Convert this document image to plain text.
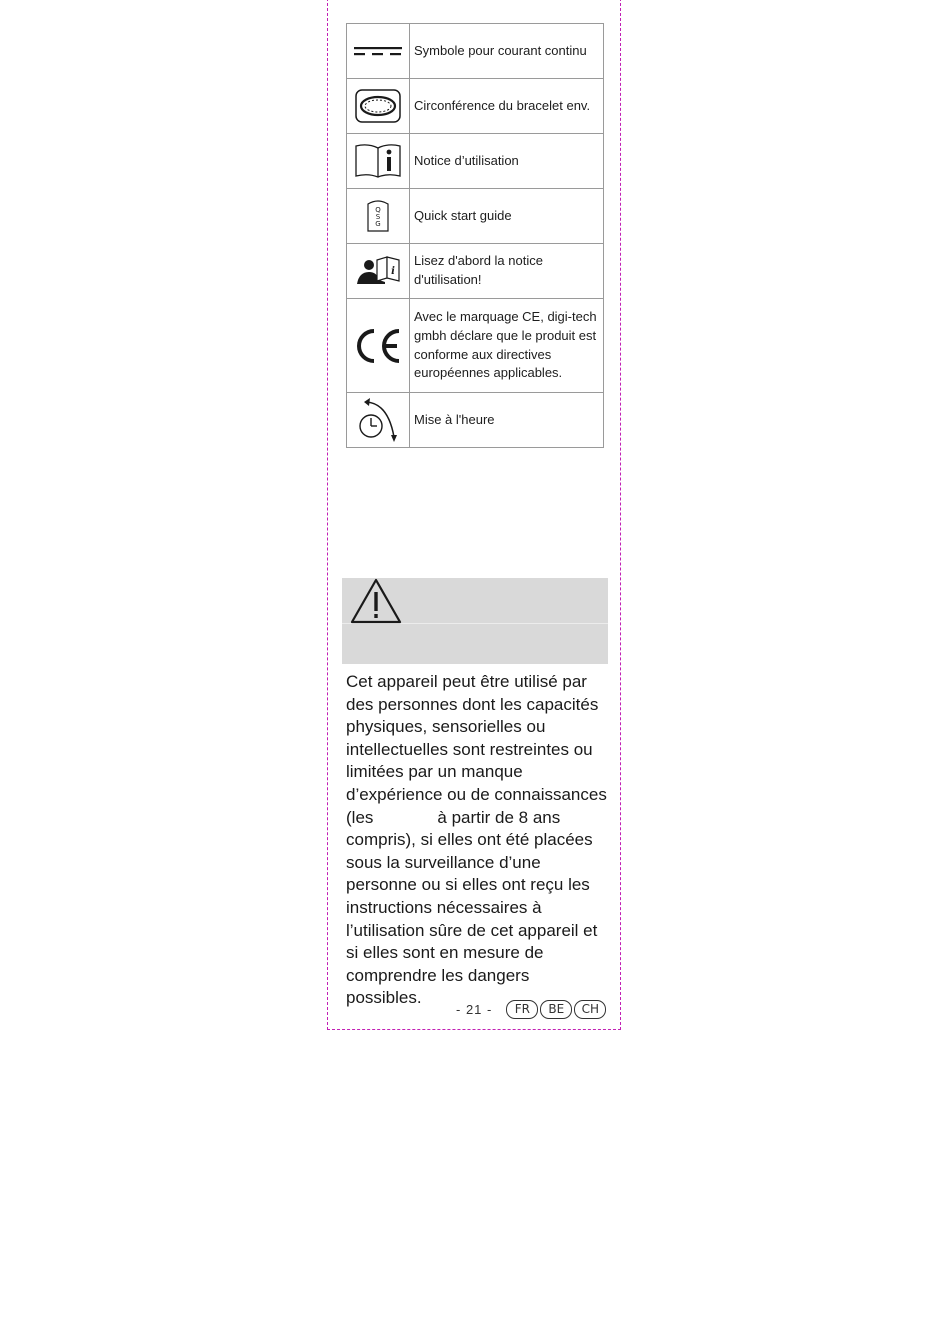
	Symbole pour courant continu

	Circonférence du bracelet env.

	Notice d’utilisation

Q
S
G	Quick start guide

i	Lisez d'abord la notice d'utilisation!

	Avec le marquage CE, digi-tech gmbh déclare que le produit est conforme aux directives européennes applicables.

	Mise à l'heure

Cet appareil peut être utilisé par des personnes dont les capacités physiques, sensorielles ou intellectuelles sont restreintes ou limitées par un manque d’expérience ou de connaissances (les	à partir de 8 ans compris), si elles ont été placées sous la surveillance d’une personne ou si elles ont reçu les instructions nécessaires à l’utilisation sûre de cet appareil et si elles sont en mesure de comprendre les dangers possibles.

- 21 -	FR	BE	CH
